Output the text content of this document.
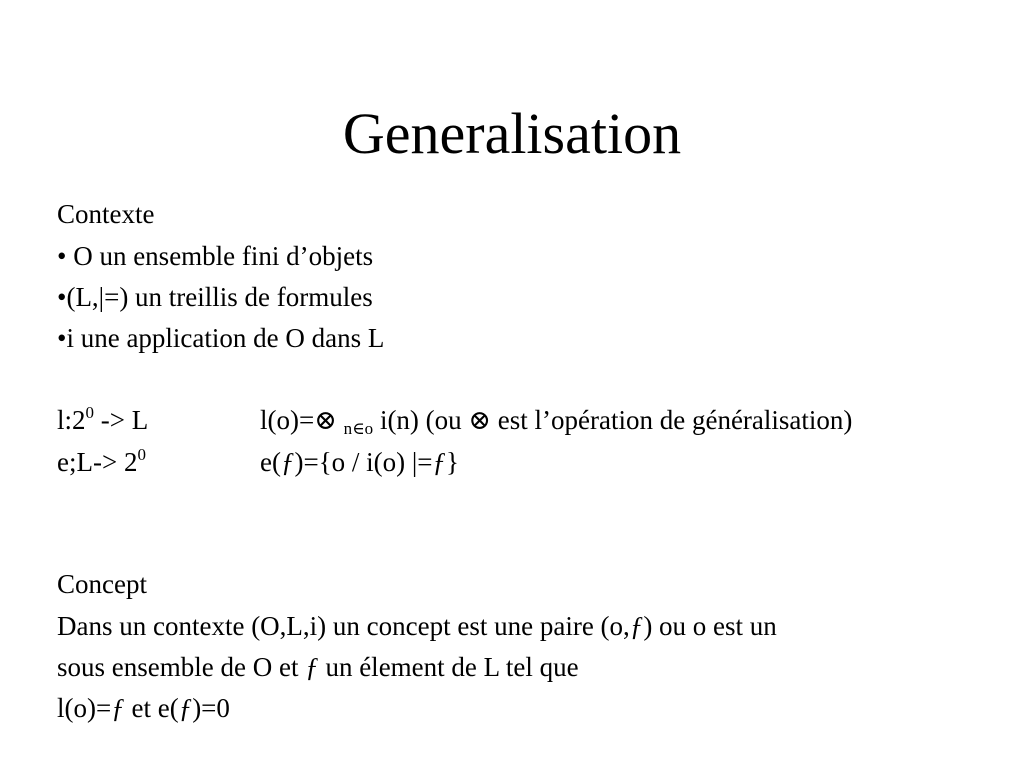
Generalisation
Contexte
• O un ensemble fini d’objets
•(L,|=) un treillis de formules
•i une application de O dans L
$l:2^0 -> L$	l(o)=⊗ $_{n\in o}$ i(n) (ou ⊗ est l’opération de généralisation)
e;L-> $2^0$	e(ƒ)={o / i(o) |=ƒ}
Concept
Dans un contexte (O,L,i) un concept est une paire (o,ƒ) ou o est un
sous ensemble de O et ƒ un élement de L tel que
l(o)=ƒ et e(ƒ)=0
